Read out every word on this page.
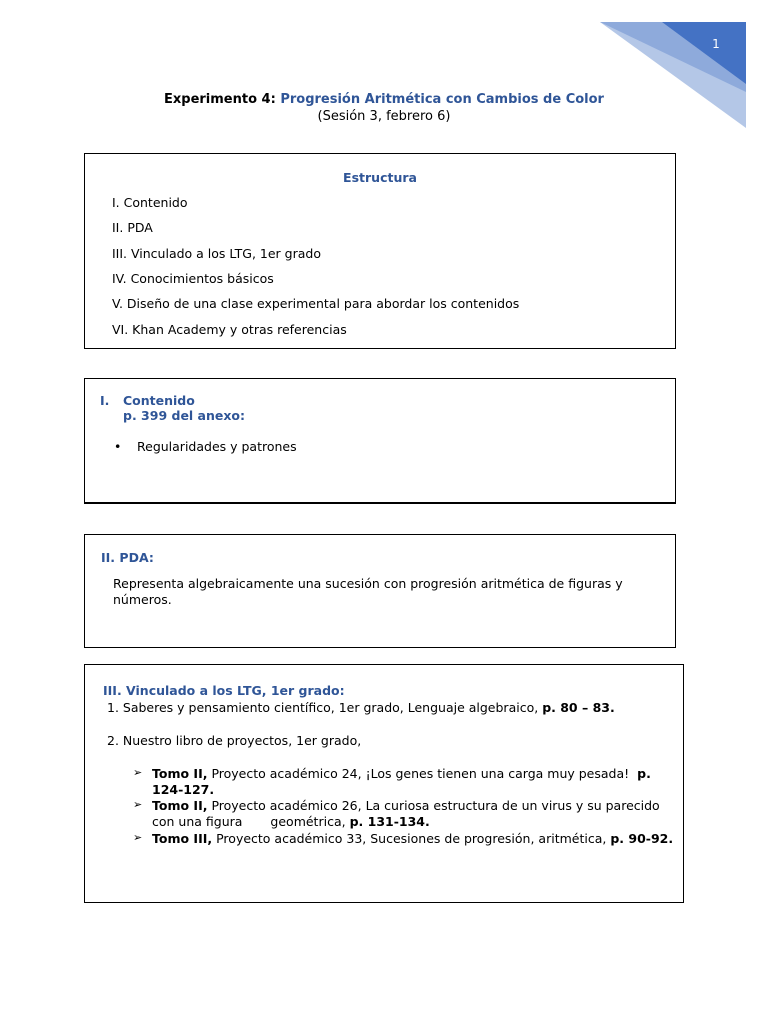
1
Experimento 4: Progresión Aritmética con Cambios de Color
(Sesión 3, febrero 6)
Estructura
I. Contenido
II. PDA
III. Vinculado a los LTG, 1er grado
IV. Conocimientos básicos
V. Diseño de una clase experimental para abordar los contenidos
VI. Khan Academy y otras referencias
I. Contenido
p. 399 del anexo:
• Regularidades y patrones
II. PDA:
Representa algebraicamente una sucesión con progresión aritmética de figuras y
números.
III. Vinculado a los LTG, 1er grado:
1. Saberes y pensamiento científico, 1er grado, Lenguaje algebraico, p. 80 – 83.
2. Nuestro libro de proyectos, 1er grado,
➢ Tomo II, Proyecto académico 24, ¡Los genes tienen una carga muy pesada! p.
124-127.
➢ Tomo II, Proyecto académico 26, La curiosa estructura de un virus y su parecido
con una figura geométrica, p. 131-134.
➢ Tomo III, Proyecto académico 33, Sucesiones de progresión, aritmética, p. 90-92.
